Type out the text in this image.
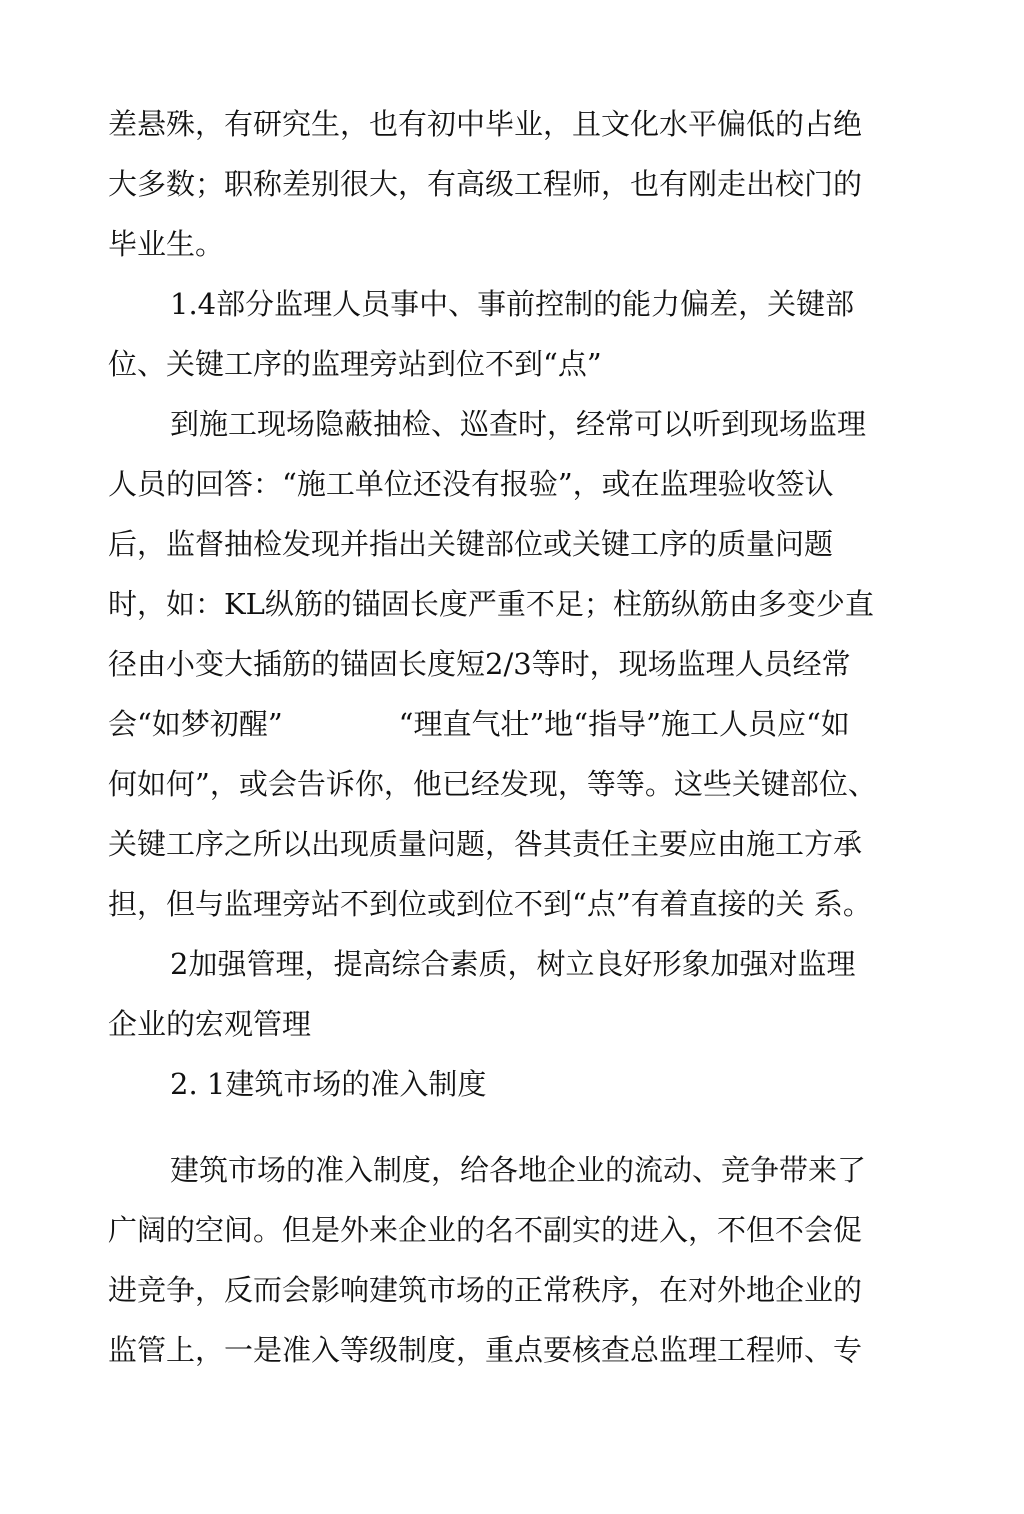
差悬殊，有研究生，也有初中毕业，且文化水平偏低的占绝
大多数；职称差别很大，有高级工程师，也有刚走出校门的
毕业生。
1.4部分监理人员事中、事前控制的能力偏差，关键部
位、关键工序的监理旁站到位不到“点”
到施工现场隐蔽抽检、巡查时，经常可以听到现场监理
人员的回答：“施工单位还没有报验”，或在监理验收签认
后，监督抽检发现并指出关键部位或关键工序的质量问题
时，如：KL纵筋的锚固长度严重不足；柱筋纵筋由多变少直
径由小变大插筋的锚固长度短2/3等时，现场监理人员经常
会“如梦初醒”　　　　“理直气壮”地“指导”施工人员应“如
何如何”，或会告诉你，他已经发现，等等。这些关键部位、
关键工序之所以出现质量问题，咎其责任主要应由施工方承
担，但与监理旁站不到位或到位不到“点”有着直接的关 系。
2加强管理，提高综合素质，树立良好形象加强对监理
企业的宏观管理
2. 1建筑市场的准入制度
建筑市场的准入制度，给各地企业的流动、竞争带来了
广阔的空间。但是外来企业的名不副实的进入，不但不会促
进竞争，反而会影响建筑市场的正常秩序，在对外地企业的
监管上，一是准入等级制度，重点要核查总监理工程师、专
